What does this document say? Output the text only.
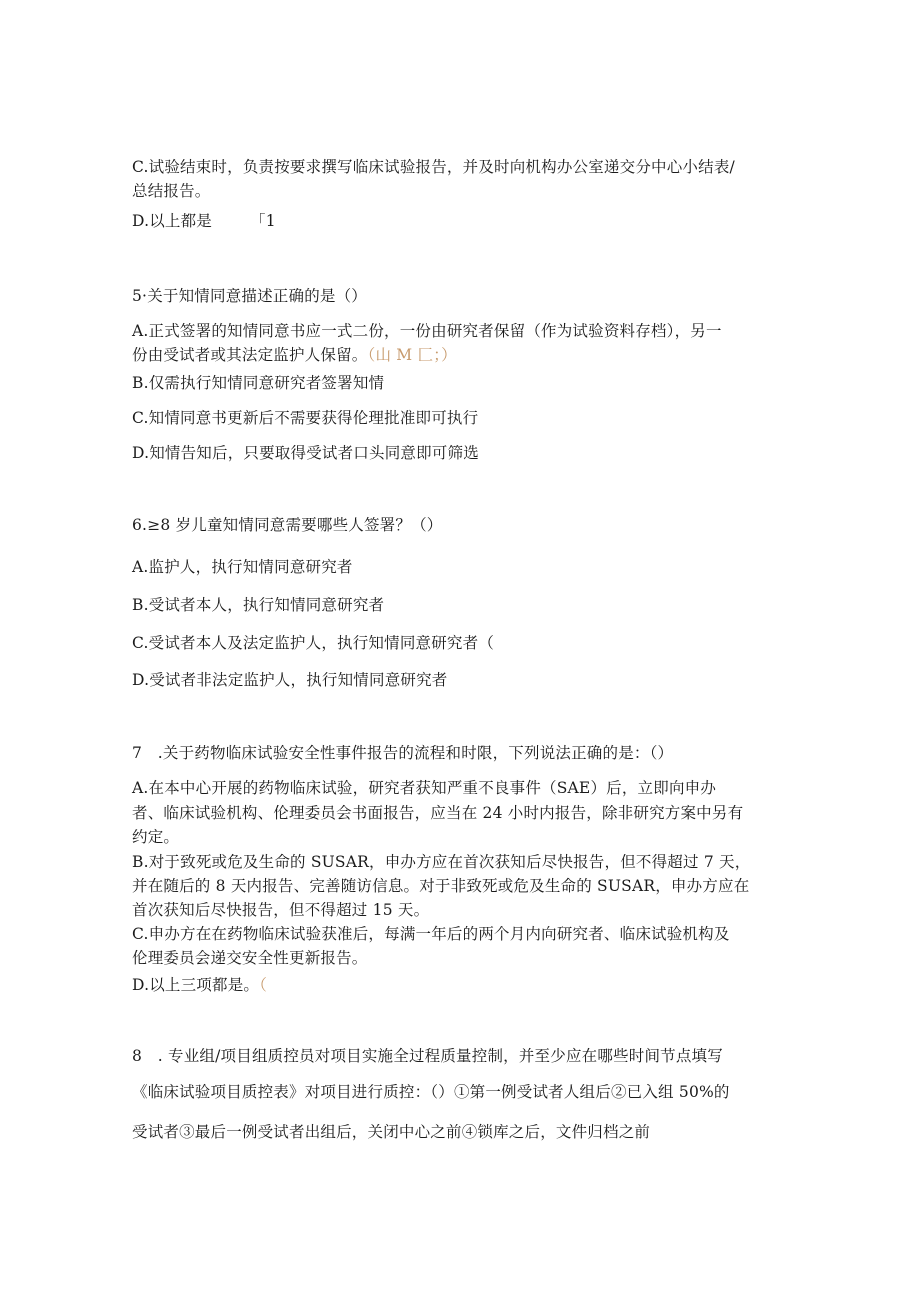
C.试验结束时，负责按要求撰写临床试验报告，并及时向机构办公室递交分中心小结表/
总结报告。
D.以上都是 「1
5·关于知情同意描述正确的是（）
A.正式签署的知情同意书应一式二份，一份由研究者保留（作为试验资料存档），另一
份由受试者或其法定监护人保留。（山 M 匚；）
B.仅需执行知情同意研究者签署知情
C.知情同意书更新后不需要获得伦理批准即可执行
D.知情告知后，只要取得受试者口头同意即可筛选
6.≥8 岁儿童知情同意需要哪些人签署？（）
A.监护人，执行知情同意研究者
B.受试者本人，执行知情同意研究者
C.受试者本人及法定监护人，执行知情同意研究者（
D.受试者非法定监护人，执行知情同意研究者
7　.关于药物临床试验安全性事件报告的流程和时限，下列说法正确的是：（）
A.在本中心开展的药物临床试验，研究者获知严重不良事件（SAE）后，立即向申办
者、临床试验机构、伦理委员会书面报告，应当在 24 小时内报告，除非研究方案中另有
约定。
B.对于致死或危及生命的 SUSAR，申办方应在首次获知后尽快报告，但不得超过 7 天，
并在随后的 8 天内报告、完善随访信息。对于非致死或危及生命的 SUSAR，申办方应在
首次获知后尽快报告，但不得超过 15 天。
C.申办方在在药物临床试验获准后，每满一年后的两个月内向研究者、临床试验机构及
伦理委员会递交安全性更新报告。
D.以上三项都是。（
8　. 专业组/项目组质控员对项目实施全过程质量控制，并至少应在哪些时间节点填写
《临床试验项目质控表》对项目进行质控：（）①第一例受试者人组后②已入组 50%的
受试者③最后一例受试者出组后，关闭中心之前④锁库之后，文件归档之前
